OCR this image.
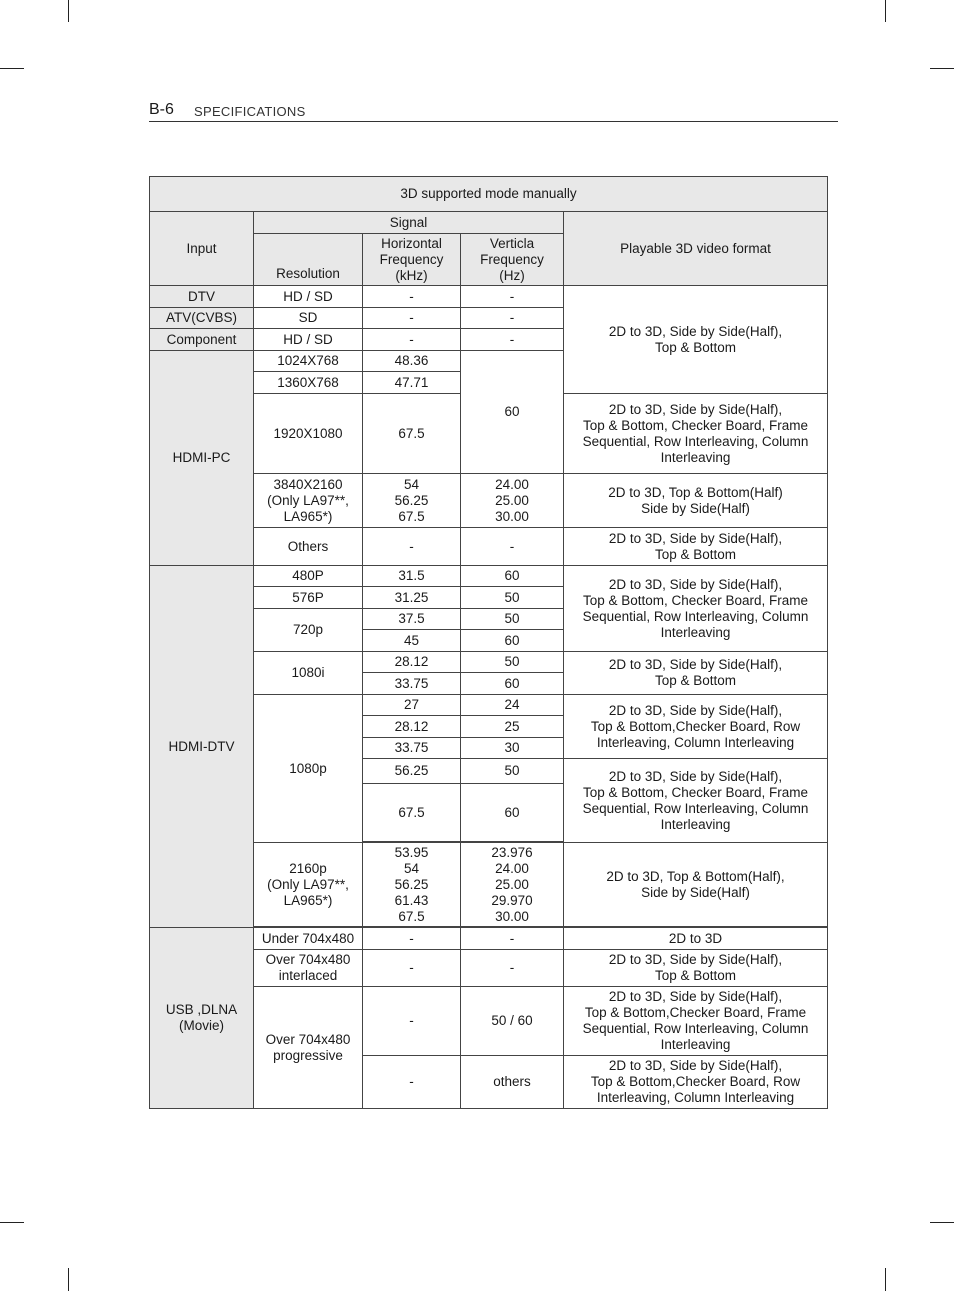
B-6 SPECIFICATIONS
3D supported mode manually				
Input	Signal			Playable 3D video format
	Resolution	Horizontal
Frequency
(kHz)	Verticla
Frequency
(Hz)	
DTV	HD / SD	-	-	2D to 3D, Side by Side(Half),
Top & Bottom
ATV(CVBS)	SD	-	-	
Component	HD / SD	-	-	
HDMI-PC	1024X768	48.36	60	
	1360X768	47.71		
	1920X1080	67.5		2D to 3D, Side by Side(Half),
Top & Bottom, Checker Board, Frame
Sequential, Row Interleaving, Column
Interleaving
	3840X2160
(Only LA97**,
LA965*)	54
56.25
67.5	24.00
25.00
30.00	2D to 3D, Top & Bottom(Half)
Side by Side(Half)
	Others	-	-	2D to 3D, Side by Side(Half),
Top & Bottom
HDMI-DTV	480P	31.5	60	2D to 3D, Side by Side(Half),
Top & Bottom, Checker Board, Frame
Sequential, Row Interleaving, Column
Interleaving
	576P	31.25	50	
	720p	37.5	50	
		45	60	
	1080i	28.12	50	2D to 3D, Side by Side(Half),
Top & Bottom
		33.75	60	
	1080p	27	24	2D to 3D, Side by Side(Half),
Top & Bottom,Checker Board, Row
Interleaving, Column Interleaving
		28.12	25	
		33.75	30	
		56.25	50	2D to 3D, Side by Side(Half),
Top & Bottom, Checker Board, Frame
Sequential, Row Interleaving, Column
Interleaving
		67.5	60	

	2160p
(Only LA97**,
LA965*)	53.95
54
56.25
61.43
67.5	23.976
24.00
25.00
29.970
30.00	2D to 3D, Top & Bottom(Half),
Side by Side(Half)

USB ,DLNA
(Movie)	Under 704x480	-	-	2D to 3D
	Over 704x480
interlaced	-	-	2D to 3D, Side by Side(Half),
Top & Bottom
	Over 704x480
progressive	-	50 / 60	2D to 3D, Side by Side(Half),
Top & Bottom,Checker Board, Frame
Sequential, Row Interleaving, Column
Interleaving
		-	others	2D to 3D, Side by Side(Half),
Top & Bottom,Checker Board, Row
Interleaving, Column Interleaving
